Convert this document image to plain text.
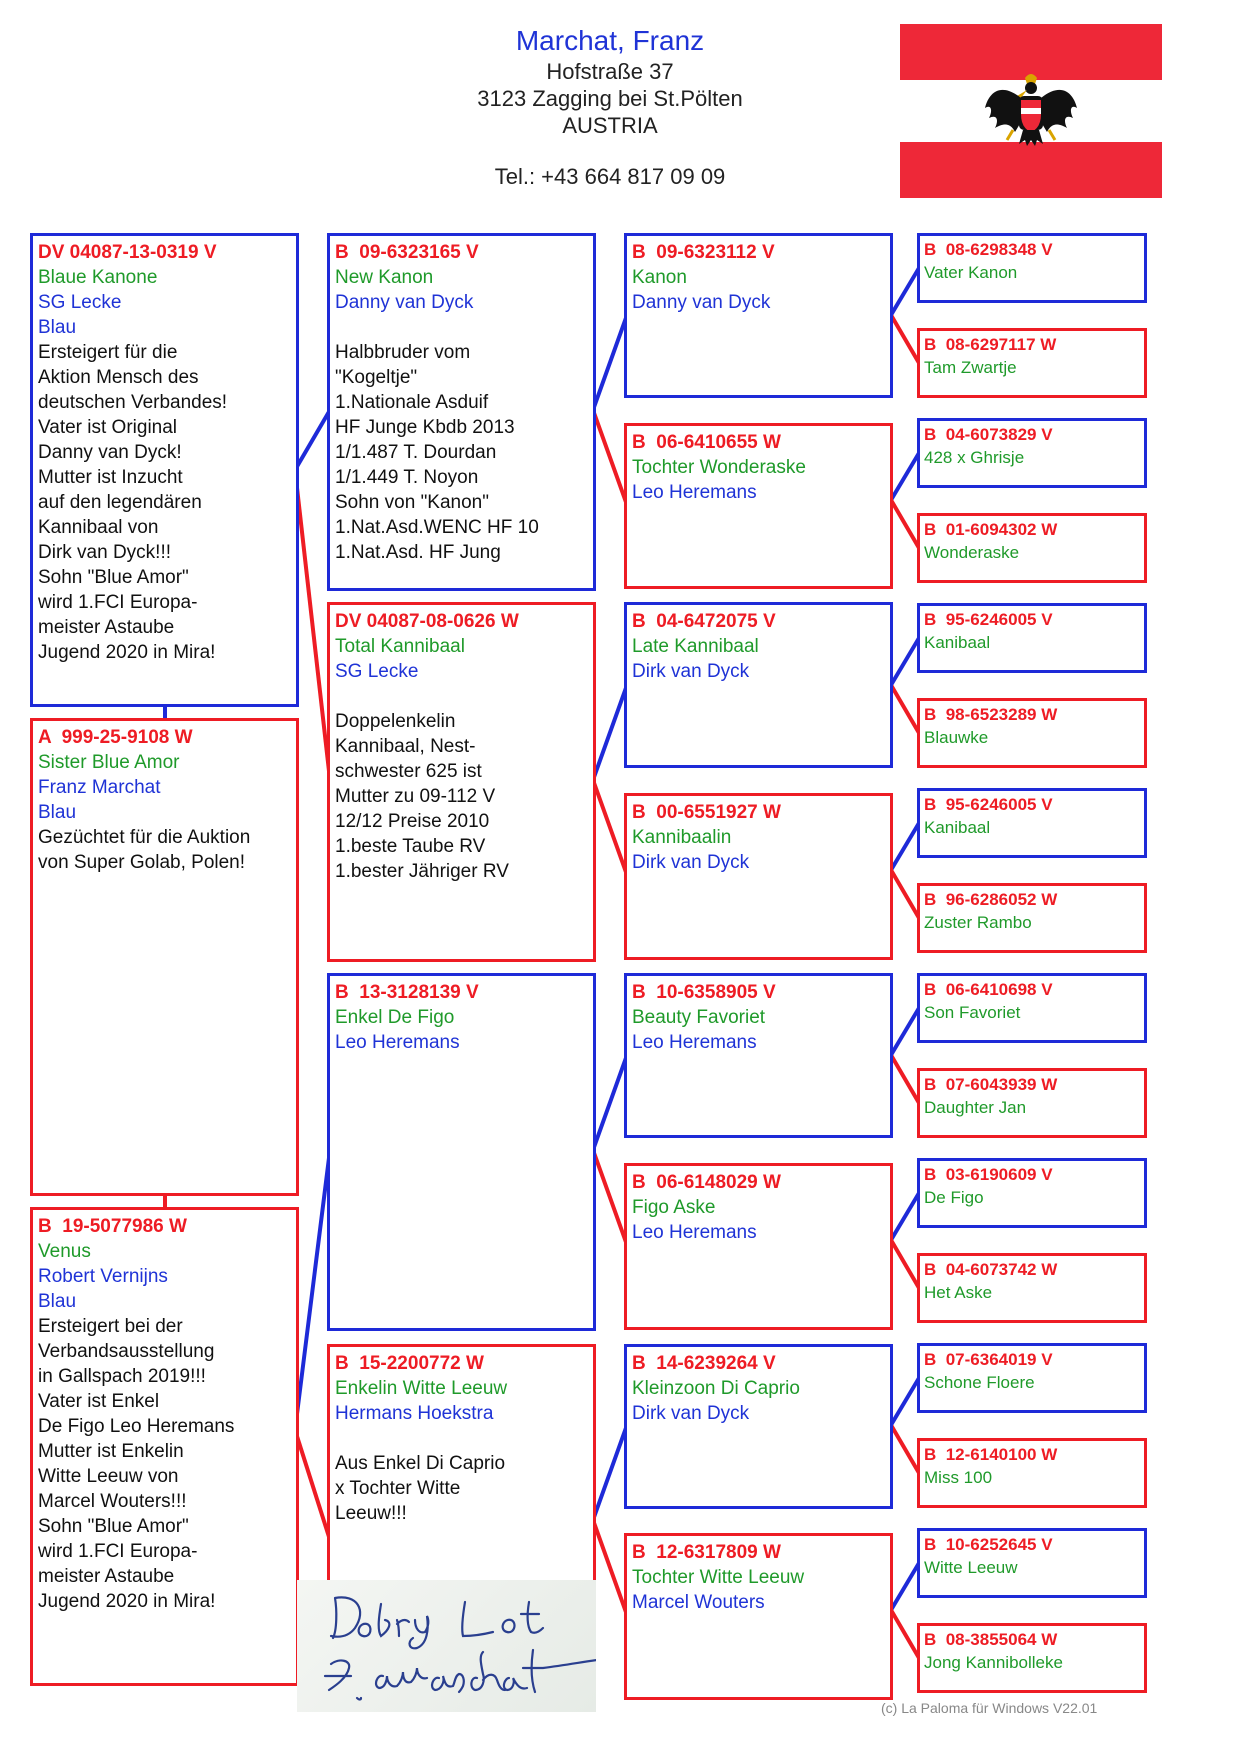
Marchat, Franz
Hofstraße 37
3123 Zagging bei St.Pölten
AUSTRIA
Tel.: +43 664 817 09 09
DV 04087-13-0319 V
Blaue Kanone
SG Lecke
Blau
Ersteigert für die
Aktion Mensch des
deutschen Verbandes!
Vater ist Original
Danny van Dyck!
Mutter ist Inzucht
auf den legendären
Kannibaal von
Dirk van Dyck!!!
Sohn "Blue Amor"
wird 1.FCI Europa-
meister Astaube
Jugend 2020 in Mira!
A  999-25-9108 W
Sister Blue Amor
Franz Marchat
Blau
Gezüchtet für die Auktion
von Super Golab, Polen!
B  19-5077986 W
Venus
Robert Vernijns
Blau
Ersteigert bei der
Verbandsausstellung
in Gallspach 2019!!!
Vater ist Enkel
De Figo Leo Heremans
Mutter ist Enkelin
Witte Leeuw von
Marcel Wouters!!!
Sohn "Blue Amor"
wird 1.FCI Europa-
meister Astaube
Jugend 2020 in Mira!
B  09-6323165 V
New Kanon
Danny van Dyck

Halbbruder vom
"Kogeltje"
1.Nationale Asduif
HF Junge Kbdb 2013
1/1.487 T. Dourdan
1/1.449 T. Noyon
Sohn von "Kanon"
1.Nat.Asd.WENC HF 10
1.Nat.Asd. HF Jung
DV 04087-08-0626 W
Total Kannibaal
SG Lecke

Doppelenkelin
Kannibaal, Nest-
schwester 625 ist
Mutter zu 09-112 V
12/12 Preise 2010
1.beste Taube RV
1.bester Jähriger RV
B  13-3128139 V
Enkel De Figo
Leo Heremans
B  15-2200772 W
Enkelin Witte Leeuw
Hermans Hoekstra

Aus Enkel Di Caprio
x Tochter Witte
Leeuw!!!
B  09-6323112 V
Kanon
Danny van Dyck
B  06-6410655 W
Tochter Wonderaske
Leo Heremans
B  04-6472075 V
Late Kannibaal
Dirk van Dyck
B  00-6551927 W
Kannibaalin
Dirk van Dyck
B  10-6358905 V
Beauty Favoriet
Leo Heremans
B  06-6148029 W
Figo Aske
Leo Heremans
B  14-6239264 V
Kleinzoon Di Caprio
Dirk van Dyck
B  12-6317809 W
Tochter Witte Leeuw
Marcel Wouters
B  08-6298348 V
Vater Kanon
B  08-6297117 W
Tam Zwartje
B  04-6073829 V
428 x Ghrisje
B  01-6094302 W
Wonderaske
B  95-6246005 V
Kanibaal
B  98-6523289 W
Blauwke
B  95-6246005 V
Kanibaal
B  96-6286052 W
Zuster Rambo
B  06-6410698 V
Son Favoriet
B  07-6043939 W
Daughter Jan
B  03-6190609 V
De Figo
B  04-6073742 W
Het Aske
B  07-6364019 V
Schone Floere
B  12-6140100 W
Miss 100
B  10-6252645 V
Witte Leeuw
B  08-3855064 W
Jong Kannibolleke
(c) La Paloma für Windows V22.01
